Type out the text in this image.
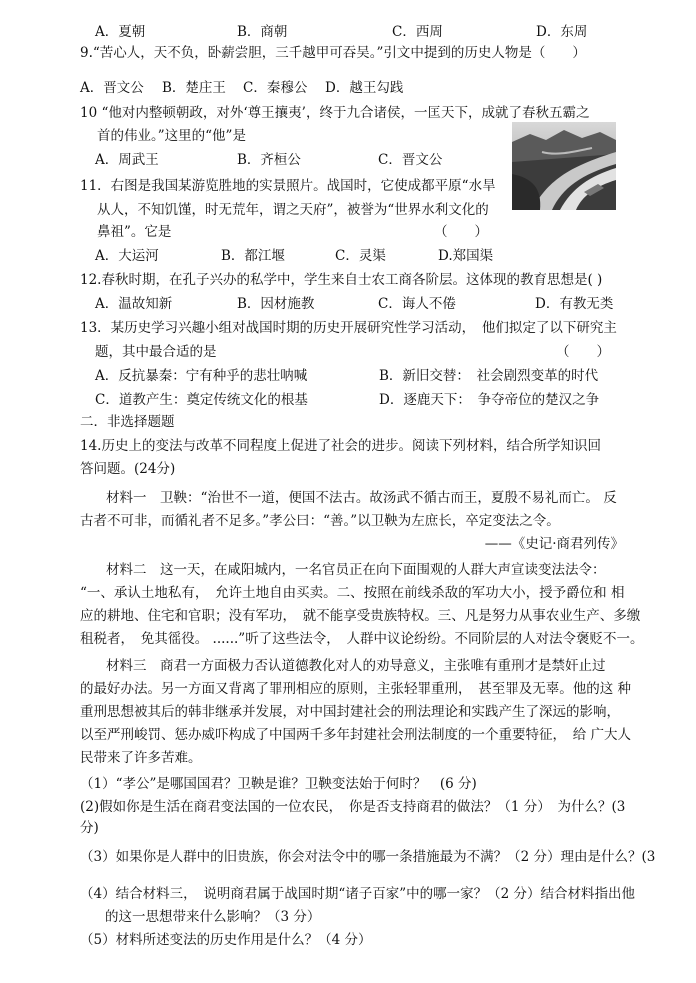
A．夏朝	B．商朝	C．西周	D．东周
9.“苦心人，天不负，卧薪尝胆，三千越甲可吞吴。”引文中提到的历史人物是（　　）
A．晋文公 B．楚庄王 C．秦穆公 D．越王勾践
10 “他对内整顿朝政，对外‘尊王攘夷’，终于九合诸侯，一匡天下，成就了春秋五霸之
首的伟业。”这里的“他”是
A．周武王	B．齐桓公	C．晋文公
11．右图是我国某游览胜地的实景照片。战国时，它使成都平原“水旱
从人，不知饥馑，时无荒年，谓之天府”，被誉为“世界水利文化的
鼻祖”。它是	（　　）
A．大运河	B．都江堰	C．灵渠	D.郑国渠
12.春秋时期，在孔子兴办的私学中，学生来自士农工商各阶层。这体现的教育思想是( )
A．温故知新	B．因材施教	C．诲人不倦	D．有教无类
13．某历史学习兴趣小组对战国时期的历史开展研究性学习活动，　他们拟定了以下研究主
题，其中最合适的是	（　　）
A．反抗暴秦：宁有种乎的悲壮呐喊	B．新旧交替：　社会剧烈变革的时代
C．道教产生：奠定传统文化的根基	D．逐鹿天下：　争夺帝位的楚汉之争
二．非选择题题
14.历史上的变法与改革不同程度上促进了社会的进步。阅读下列材料，结合所学知识回
答问题。(24分)
材料一　卫鞅：“治世不一道，便国不法古。故汤武不循古而王，夏殷不易礼而亡。 反
古者不可非，而循礼者不足多。”孝公曰：“善。”以卫鞅为左庶长，卒定变法之令。
——《史记·商君列传》
材料二　这一天，在咸阳城内，一名官员正在向下面围观的人群大声宣读变法法令：
“一、承认土地私有，　允许土地自由买卖。二、按照在前线杀敌的军功大小，授予爵位和 相
应的耕地、住宅和官职；没有军功，　就不能享受贵族特权。三、凡是努力从事农业生产、多缴
租税者，　免其徭役。 ......”听了这些法令，　人群中议论纷纷。不同阶层的人对法令褒贬不一。
材料三　商君一方面极力否认道德教化对人的劝导意义，主张唯有重刑才是禁奸止过
的最好办法。另一方面又背离了罪刑相应的原则，主张轻罪重刑，　甚至罪及无辜。他的这 种
重刑思想被其后的韩非继承并发展，对中国封建社会的刑法理论和实践产生了深远的影响，
以至严刑峻罚、惩办威吓构成了中国两千多年封建社会刑法制度的一个重要特征，　给 广大人
民带来了许多苦难。
（1）“孝公”是哪国国君？卫鞅是谁？卫鞅变法始于何时？　(6 分)
(2)假如你是生活在商君变法国的一位农民，　你是否支持商君的做法？（1 分）　为什么？(3
分)
（3）如果你是人群中的旧贵族，你会对法令中的哪一条措施最为不满？（2 分）理由是什么？(3
（4）结合材料三，　说明商君属于战国时期“诸子百家”中的哪一家？（2 分）结合材料指出他
的这一思想带来什么影响？（3 分）
（5）材料所述变法的历史作用是什么？（4 分）
